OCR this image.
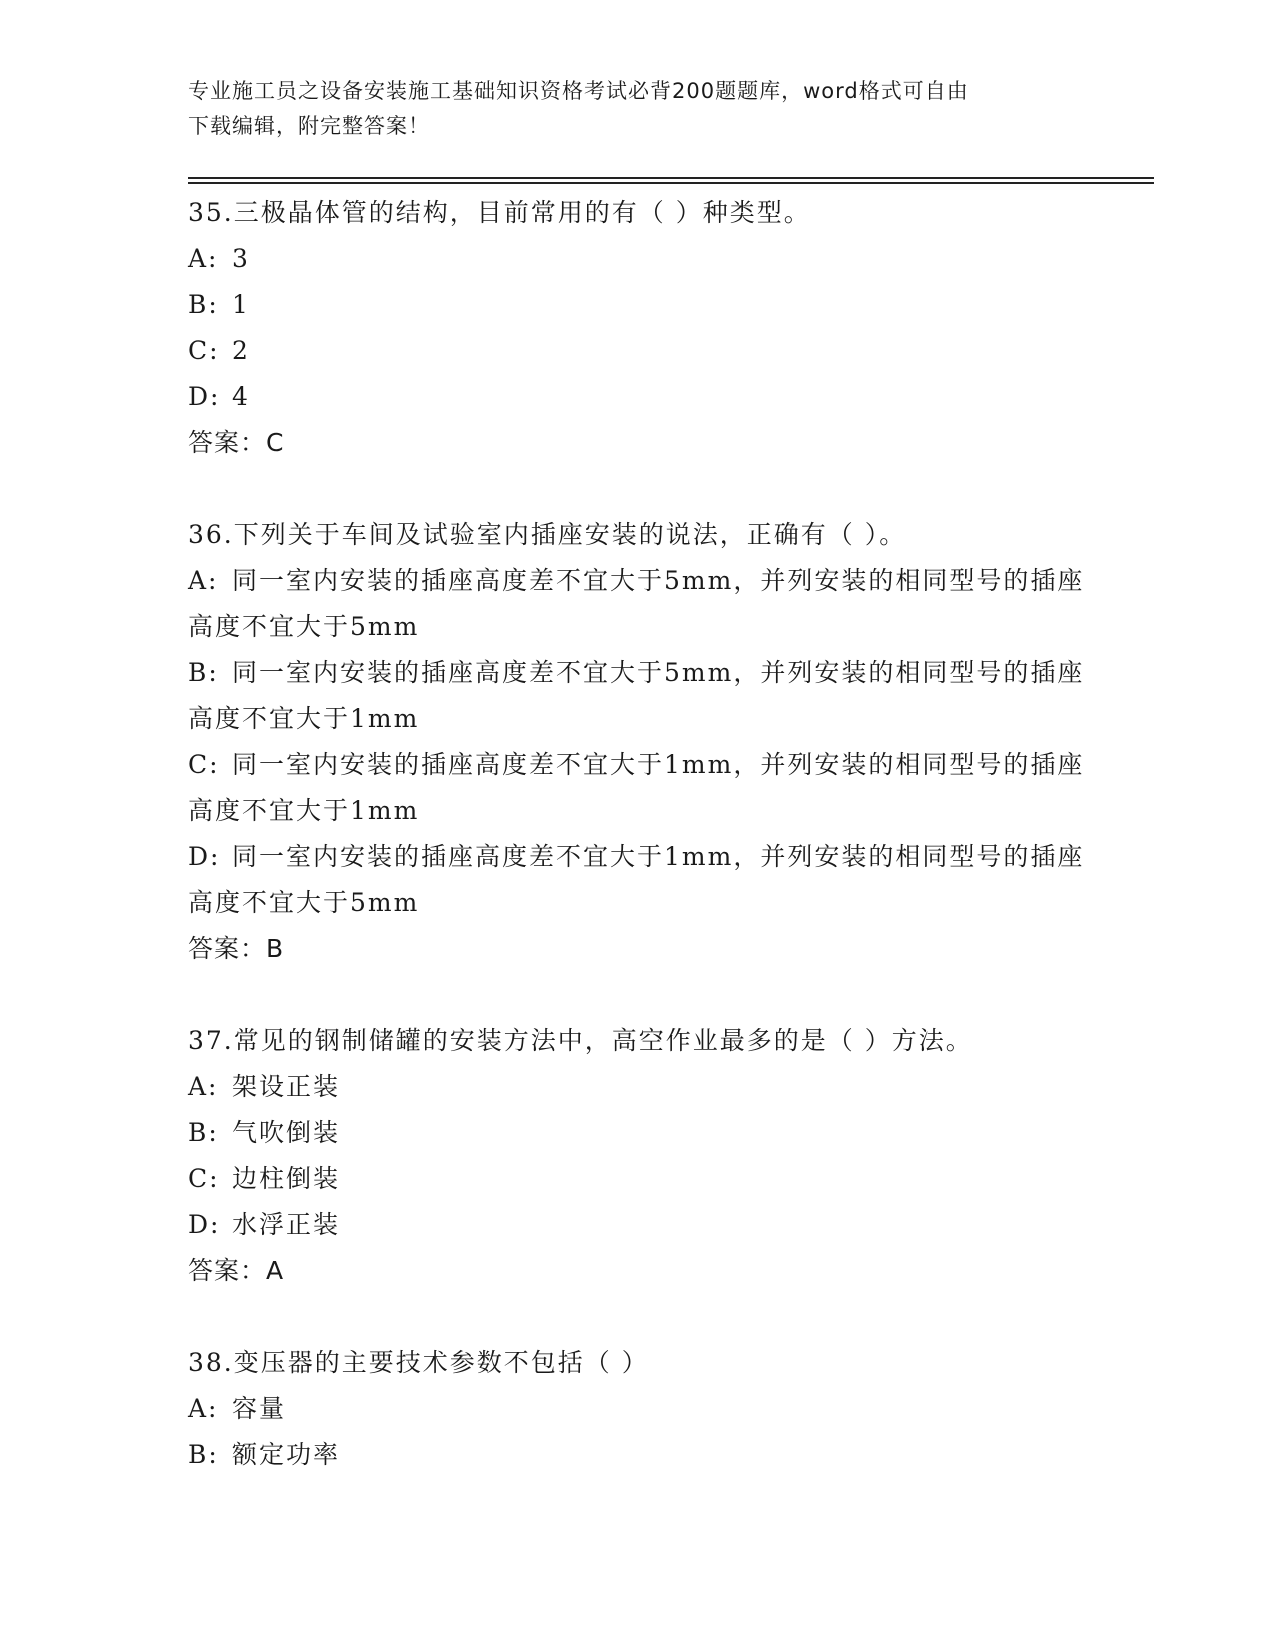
专业施工员之设备安装施工基础知识资格考试必背200题题库，word格式可自由
下载编辑，附完整答案！

35.三极晶体管的结构，目前常用的有（ ）种类型。

A: 3

B: 1

C: 2

D: 4

答案：C

36.下列关于车间及试验室内插座安装的说法，正确有（ ）。

A: 同一室内安装的插座高度差不宜大于5mm，并列安装的相同型号的插座高度不宜大于5mm

B: 同一室内安装的插座高度差不宜大于5mm，并列安装的相同型号的插座高度不宜大于1mm

C: 同一室内安装的插座高度差不宜大于1mm，并列安装的相同型号的插座高度不宜大于1mm

D: 同一室内安装的插座高度差不宜大于1mm，并列安装的相同型号的插座高度不宜大于5mm

答案：B

37.常见的钢制储罐的安装方法中，高空作业最多的是（ ）方法。

A: 架设正装

B: 气吹倒装

C: 边柱倒装

D: 水浮正装

答案：A

38.变压器的主要技术参数不包括（ ）

A: 容量

B: 额定功率
